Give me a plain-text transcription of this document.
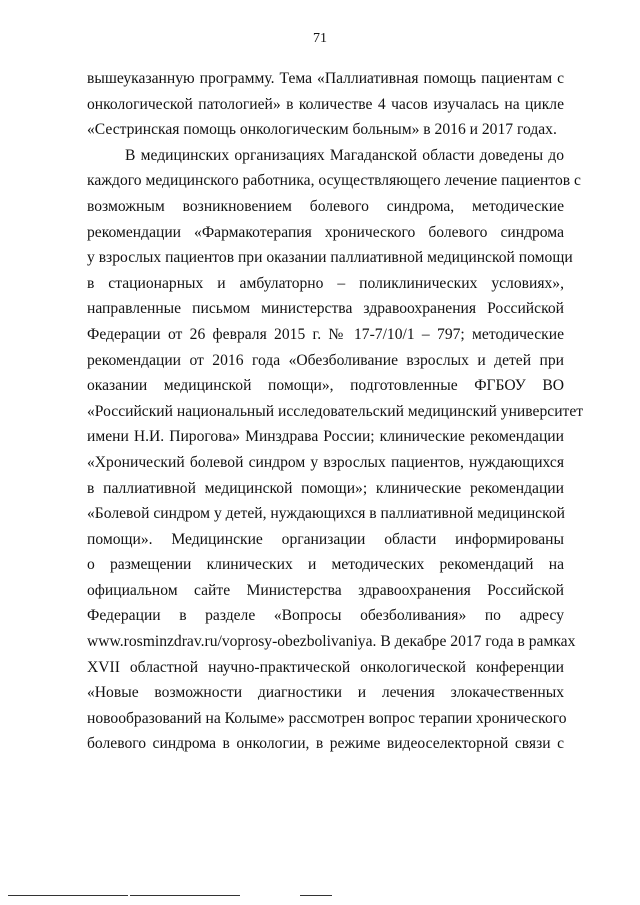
71
вышеуказанную программу. Тема «Паллиативная помощь пациентам с
онкологической патологией» в количестве 4 часов изучалась на цикле
«Сестринская помощь онкологическим больным» в 2016 и 2017 годах.
В медицинских организациях Магаданской области доведены до
каждого медицинского работника, осуществляющего лечение пациентов с
возможным возникновением болевого синдрома, методические
рекомендации «Фармакотерапия хронического болевого синдрома
у взрослых пациентов при оказании паллиативной медицинской помощи
в стационарных и амбулаторно – поликлинических условиях»,
направленные письмом министерства здравоохранения Российской
Федерации от 26 февраля 2015 г. № 17-7/10/1 – 797; методические
рекомендации от 2016 года «Обезболивание взрослых и детей при
оказании медицинской помощи», подготовленные ФГБОУ ВО
«Российский национальный исследовательский медицинский университет
имени Н.И. Пирогова» Минздрава России; клинические рекомендации
«Хронический болевой синдром у взрослых пациентов, нуждающихся
в паллиативной медицинской помощи»; клинические рекомендации
«Болевой синдром у детей, нуждающихся в паллиативной медицинской
помощи». Медицинские организации области информированы
о размещении клинических и методических рекомендаций на
официальном сайте Министерства здравоохранения Российской
Федерации в разделе «Вопросы обезболивания» по адресу
www.rosminzdrav.ru/voprosy-obezbolivaniya. В декабре 2017 года в рамках
XVII областной научно-практической онкологической конференции
«Новые возможности диагностики и лечения злокачественных
новообразований на Колыме» рассмотрен вопрос терапии хронического
болевого синдрома в онкологии, в режиме видеоселекторной связи с
